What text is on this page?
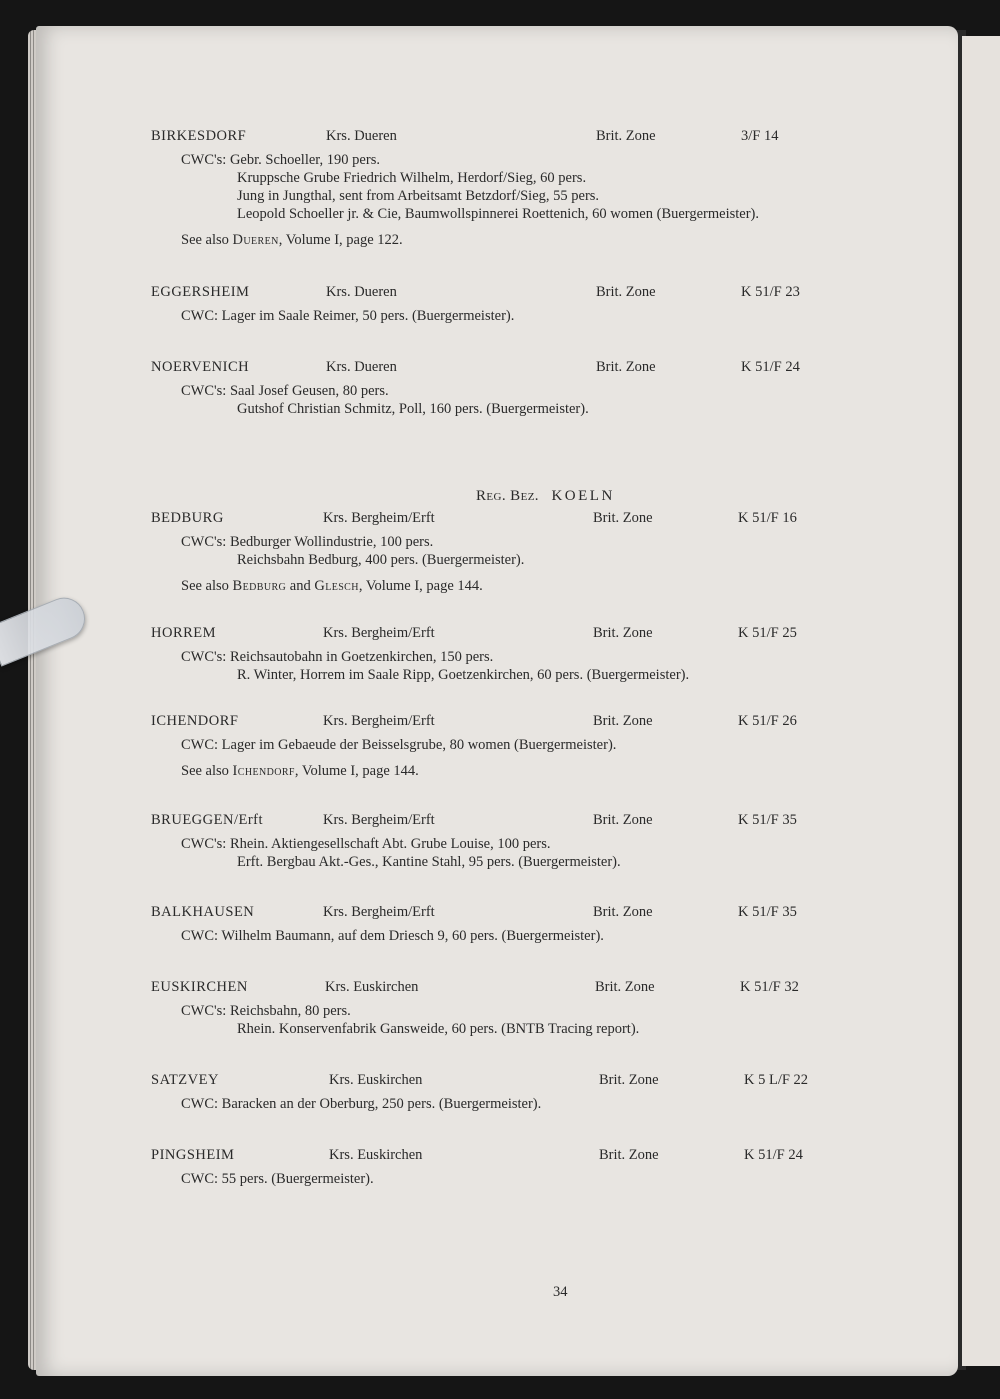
BIRKESDORF	Krs. Dueren	Brit. Zone	3/F 14
CWC's: Gebr. Schoeller, 190 pers.
Kruppsche Grube Friedrich Wilhelm, Herdorf/Sieg, 60 pers.
Jung in Jungthal, sent from Arbeitsamt Betzdorf/Sieg, 55 pers.
Leopold Schoeller jr. & Cie, Baumwollspinnerei Roettenich, 60 women (Buergermeister).
See also Dueren, Volume I, page 122.
EGGERSHEIM	Krs. Dueren	Brit. Zone	K 51/F 23
CWC: Lager im Saale Reimer, 50 pers. (Buergermeister).
NOERVENICH	Krs. Dueren	Brit. Zone	K 51/F 24
CWC's: Saal Josef Geusen, 80 pers.
Gutshof Christian Schmitz, Poll, 160 pers. (Buergermeister).
BEDBURG	Krs. Bergheim/Erft	Brit. Zone	K 51/F 16
CWC's: Bedburger Wollindustrie, 100 pers.
Reichsbahn Bedburg, 400 pers. (Buergermeister).
See also Bedburg and Glesch, Volume I, page 144.
HORREM	Krs. Bergheim/Erft	Brit. Zone	K 51/F 25
CWC's: Reichsautobahn in Goetzenkirchen, 150 pers.
R. Winter, Horrem im Saale Ripp, Goetzenkirchen, 60 pers. (Buergermeister).
ICHENDORF	Krs. Bergheim/Erft	Brit. Zone	K 51/F 26
CWC: Lager im Gebaeude der Beisselsgrube, 80 women (Buergermeister).
See also Ichendorf, Volume I, page 144.
BRUEGGEN/Erft	Krs. Bergheim/Erft	Brit. Zone	K 51/F 35
CWC's: Rhein. Aktiengesellschaft Abt. Grube Louise, 100 pers.
Erft. Bergbau Akt.-Ges., Kantine Stahl, 95 pers. (Buergermeister).
BALKHAUSEN	Krs. Bergheim/Erft	Brit. Zone	K 51/F 35
CWC: Wilhelm Baumann, auf dem Driesch 9, 60 pers. (Buergermeister).
EUSKIRCHEN	Krs. Euskirchen	Brit. Zone	K 51/F 32
CWC's: Reichsbahn, 80 pers.
Rhein. Konservenfabrik Gansweide, 60 pers. (BNTB Tracing report).
SATZVEY	Krs. Euskirchen	Brit. Zone	K 5 L/F 22
CWC: Baracken an der Oberburg, 250 pers. (Buergermeister).
PINGSHEIM	Krs. Euskirchen	Brit. Zone	K 51/F 24
CWC: 55 pers. (Buergermeister).
Reg. Bez. KOELN
34
